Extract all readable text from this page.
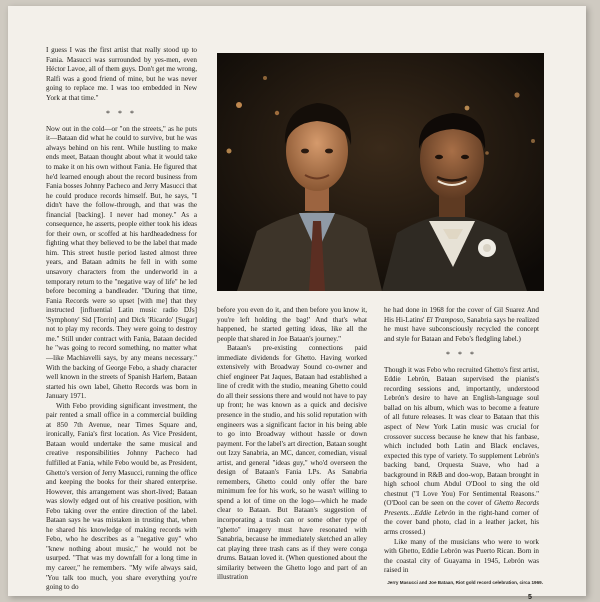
I guess I was the first artist that really stood up to Fania. Masucci was surrounded by yes-men, even Héctor Lavoe, all of them guys. Don't get me wrong, Ralfi was a good friend of mine, but he was never going to replace me. I was too embedded in New York at that time."

* * *

Now out in the cold—or "on the streets," as he puts it—Bataan did what he could to survive, but he was always behind on his rent. While hustling to make ends meet, Bataan thought about what it would take to make it on his own without Fania. He figured that he'd learned enough about the record business from Fania bosses Johnny Pacheco and Jerry Masucci that he could produce records himself. But, he says, "I didn't have the follow-through, and that was the financial [backing]. I never had money." As a consequence, he asserts, people either took his ideas for their own, or scoffed at his hardheadedness for fighting what they believed to be the label that made him. This street hustle period lasted almost three years, and Bataan admits he fell in with some unsavory characters from the underworld in a temporary return to the "negative way of life" he led before becoming a bandleader. "During that time, Fania Records were so upset [with me] that they instructed [influential Latin music radio DJs] 'Symphony' Sid [Torrin] and Dick 'Ricardo' [Sugar] not to play my records. They were going to destroy me." Still under contract with Fania, Bataan decided he "was going to record something, no matter what—like Machiavelli says, by any means necessary." With the backing of George Febo, a shady character well known in the streets of Spanish Harlem, Bataan started his own label, Ghetto Records was born in January 1971.

With Febo providing significant investment, the pair rented a small office in a commercial building at 850 7th Avenue, near Times Square and, ironically, Fania's first location. As Vice President, Bataan would undertake the same musical and creative responsibilities Johnny Pacheco had fulfilled at Fania, while Febo would be, as President, Ghetto's version of Jerry Masucci, running the office and keeping the books for their shared enterprise. However, this arrangement was short-lived; Bataan was slowly edged out of his creative position, with Febo taking over the entire direction of the label. Bataan says he was mistaken in trusting that, when he shared his knowledge of making records with Febo, who he describes as a "negative guy" who "knew nothing about music," he would not be usurped. "That was my downfall for a long time in my career," he remembers. "My wife always said, 'You talk too much, you share everything you're going to do

before you even do it, and then before you know it, you're left holding the bag!' And that's what happened, he started getting ideas, like all the people that shared in Joe Bataan's journey."

Bataan's pre-existing connections paid immediate dividends for Ghetto. Having worked extensively with Broadway Sound co-owner and chief engineer Pat Jaques, Bataan had established a line of credit with the studio, meaning Ghetto could do all their sessions there and would not have to pay up front; he was known as a quick and decisive presence in the studio, and his solid reputation with engineers was a significant factor in his being able to go into Broadway without hassle or down payment. For the label's art direction, Bataan sought out Izzy Sanabria, an MC, dancer, comedian, visual artist, and general "ideas guy," who'd overseen the design of Bataan's Fania LPs. As Sanabria remembers, Ghetto could only offer the bare minimum fee for his work, so he wasn't willing to spend a lot of time on the logo—which he made clear to Bataan. But Bataan's suggestion of incorporating a trash can or some other type of "ghetto" imagery must have resonated with Sanabria, because he immediately sketched an alley cat playing three trash cans as if they were conga drums. Bataan loved it. (When questioned about the similarity between the Ghetto logo and part of an illustration

he had done in 1968 for the cover of Gil Suarez And His Hi-Latins' El Tramposo, Sanabria says he realized he must have subconsciously recycled the concept and style for Bataan and Febo's fledgling label.)

* * *

Though it was Febo who recruited Ghetto's first artist, Eddie Lebrón, Bataan supervised the pianist's recording sessions and, importantly, understood Lebrón's desire to have an English-language soul ballad on his album, which was to become a feature of all future releases. It was clear to Bataan that this aspect of New York Latin music was crucial for crossover success because he knew that his fanbase, which included both Latin and Black enclaves, expected this type of variety. To supplement Lebrón's backing band, Orquesta Suave, who had a background in R&B and doo-wop, Bataan brought in high school chum Abdul O'Dool to sing the old chestnut ("I Love You) For Sentimental Reasons." (O'Dool can be seen on the cover of Ghetto Records Presents…Eddie Lebrón in the right-hand corner of the cover band photo, clad in a leather jacket, his arms crossed.)

Like many of the musicians who were to work with Ghetto, Eddie Lebrón was Puerto Rican. Born in the coastal city of Guayama in 1945, Lebrón was raised in

Jerry Masucci and Joe Bataan, Riot gold record celebration, circa 1969.
5
